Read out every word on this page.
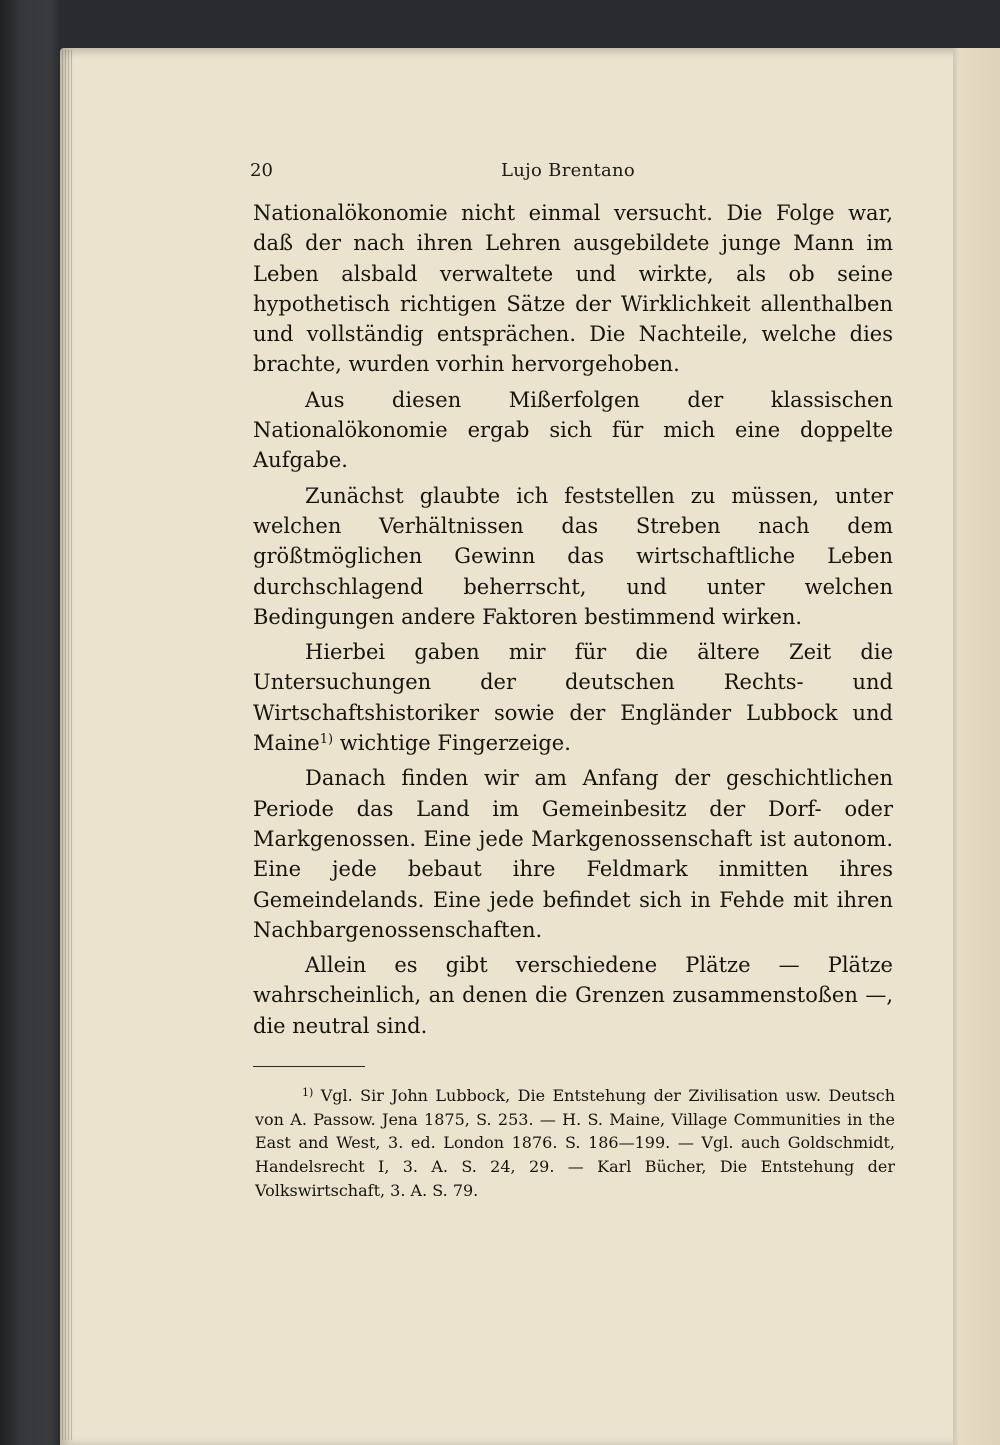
20	Lujo Brentano

Nationalökonomie nicht einmal versucht. Die Folge war, daß der nach ihren Lehren ausgebildete junge Mann im Leben alsbald verwaltete und wirkte, als ob seine hypothetisch richtigen Sätze der Wirklichkeit allenthalben und vollständig entsprächen. Die Nachteile, welche dies brachte, wurden vorhin hervorgehoben.

Aus diesen Mißerfolgen der klassischen Nationalökonomie ergab sich für mich eine doppelte Aufgabe.

Zunächst glaubte ich feststellen zu müssen, unter welchen Verhältnissen das Streben nach dem größtmöglichen Gewinn das wirtschaftliche Leben durchschlagend beherrscht, und unter welchen Bedingungen andere Faktoren bestimmend wirken.

Hierbei gaben mir für die ältere Zeit die Untersuchungen der deutschen Rechts- und Wirtschaftshistoriker sowie der Engländer Lubbock und Maine$^{1)}$ wichtige Fingerzeige.

Danach finden wir am Anfang der geschichtlichen Periode das Land im Gemeinbesitz der Dorf- oder Markgenossen. Eine jede Markgenossenschaft ist autonom. Eine jede bebaut ihre Feldmark inmitten ihres Gemeindelands. Eine jede befindet sich in Fehde mit ihren Nachbargenossenschaften.

Allein es gibt verschiedene Plätze — Plätze wahrscheinlich, an denen die Grenzen zusammenstoßen —, die neutral sind.

$^{1)}$ Vgl. Sir John Lubbock, Die Entstehung der Zivilisation usw. Deutsch von A. Passow. Jena 1875, S. 253. — H. S. Maine, Village Communities in the East and West, 3. ed. London 1876. S. 186—199. — Vgl. auch Goldschmidt, Handelsrecht I, 3. A. S. 24, 29. — Karl Bücher, Die Entstehung der Volkswirtschaft, 3. A. S. 79.
